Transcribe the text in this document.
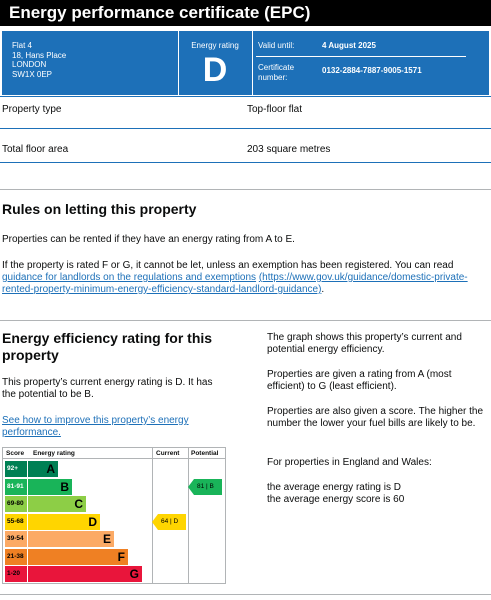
Energy performance certificate (EPC)
Flat 4
18, Hans Place
LONDON
SW1X 0EP
Energy rating
D
Valid until:	4 August 2025
Certificate
number:
0132-2884-7887-9005-1571
Property type	Top-floor flat
Total floor area	203 square metres
Rules on letting this property

Properties can be rented if they have an energy rating from A to E.

If the property is rated F or G, it cannot be let, unless an exemption has been registered. You can read guidance for landlords on the regulations and exemptions (https://www.gov.uk/guidance/domestic-private-rented-property-minimum-energy-efficiency-standard-landlord-guidance).

Energy efficiency rating for this property

This property’s current energy rating is D. It has the potential to be B.

See how to improve this property’s energy performance.

The graph shows this property’s current and potential energy efficiency.

Properties are given a rating from A (most efficient) to G (least efficient).

Properties are also given a score. The higher the number the lower your fuel bills are likely to be.

For properties in England and Wales:

the average energy rating is D

the average energy score is 60

Score Energy rating	Current Potential
92+	A
81-91	B
69-80	C
55-68	D
39-54	E
21-38	F
1-20	G
64 | D
81 | B
